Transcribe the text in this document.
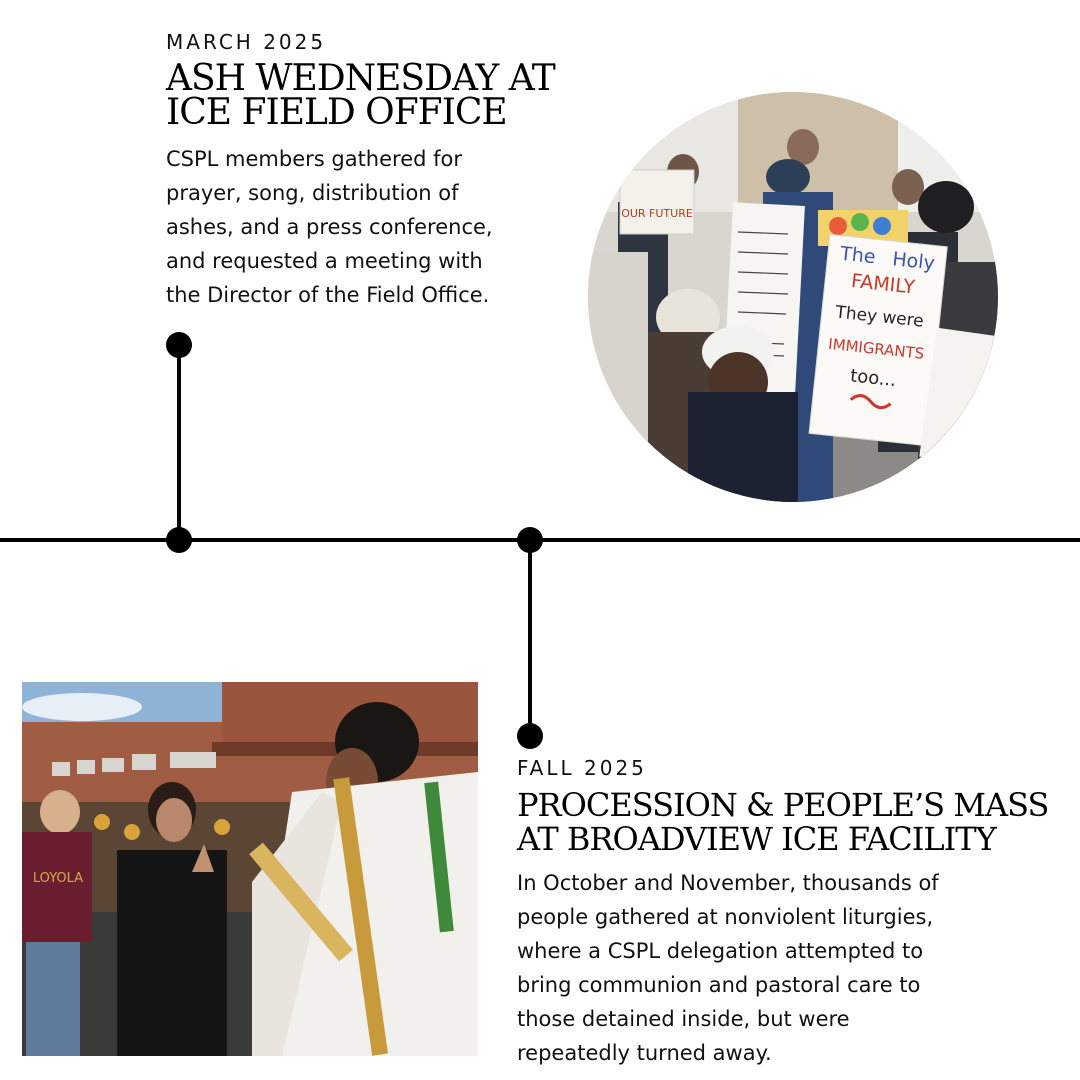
MARCH 2025
ASH WEDNESDAY AT
ICE FIELD OFFICE

CSPL members gathered for

prayer, song, distribution of

ashes, and a press conference,

and requested a meeting with

the Director of the Field Office.

OUR FUTURE
The Holy
FAMILY
They were
IMMIGRANTS
too...
LOYOLA
FALL 2025
PROCESSION & PEOPLE’S MASS
AT BROADVIEW ICE FACILITY

In October and November, thousands of

people gathered at nonviolent liturgies,

where a CSPL delegation attempted to

bring communion and pastoral care to

those detained inside, but were

repeatedly turned away.
